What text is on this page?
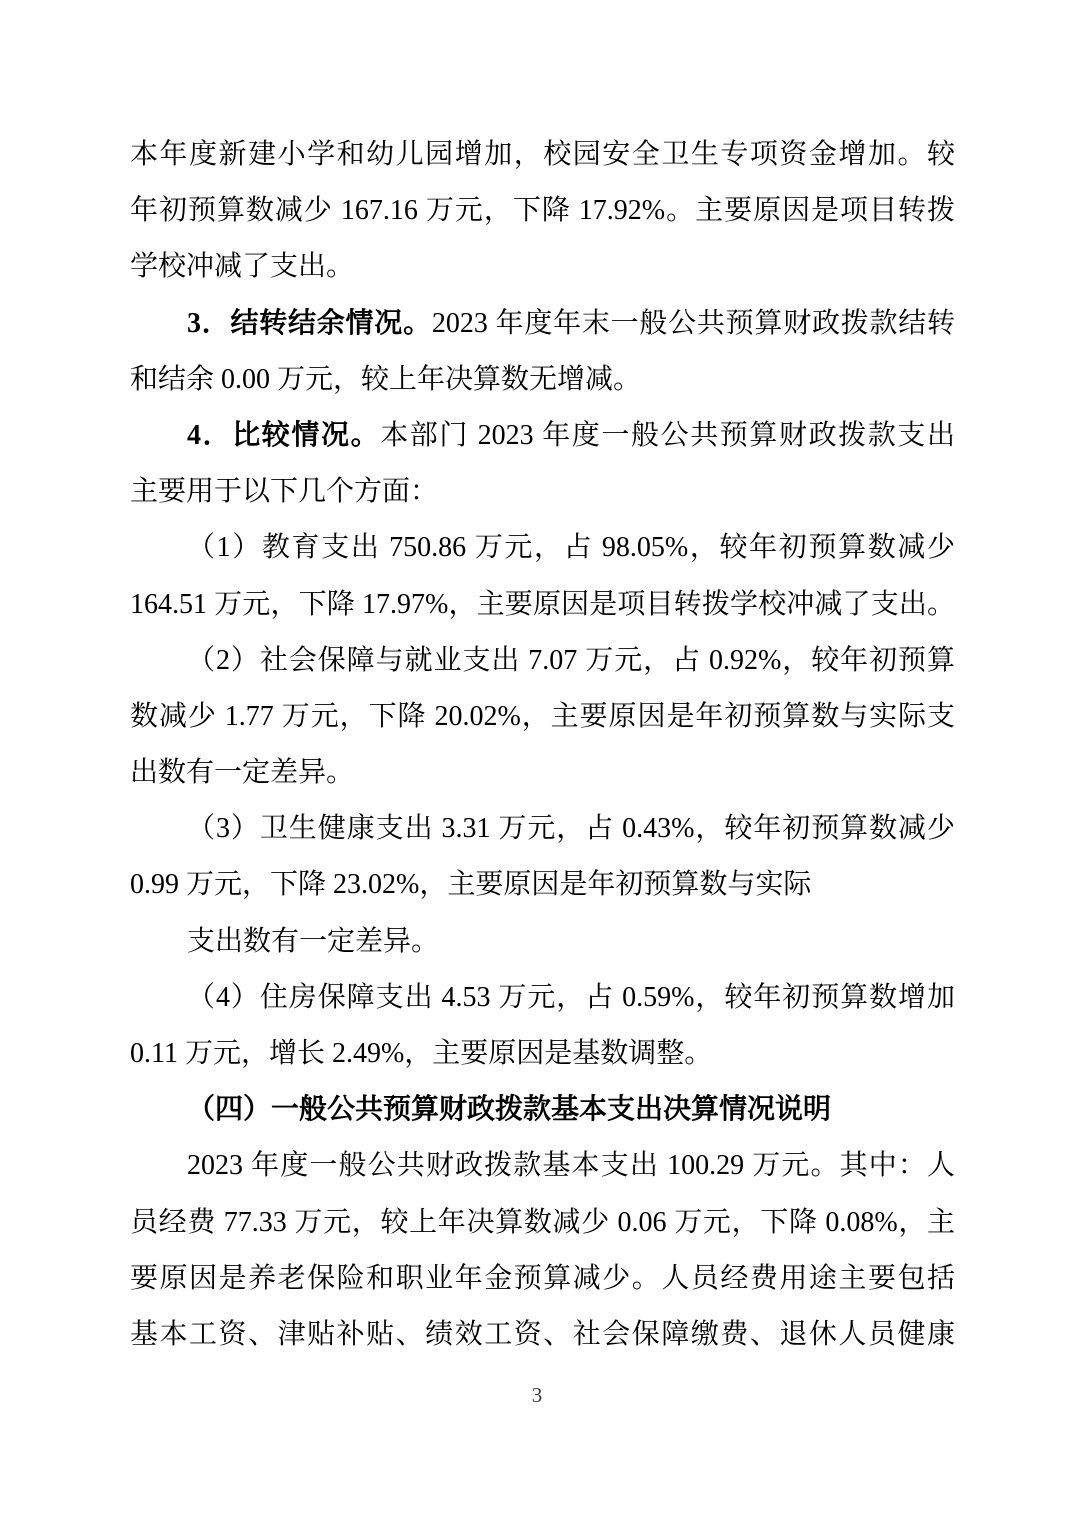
本年度新建小学和幼儿园增加，校园安全卫生专项资金增加。较
年初预算数减少 167.16 万元，下降 17.92%。主要原因是项目转拨
学校冲减了支出。
3．结转结余情况。2023 年度年末一般公共预算财政拨款结转
和结余 0.00 万元，较上年决算数无增减。
4．比较情况。本部门 2023 年度一般公共预算财政拨款支出
主要用于以下几个方面：
（1）教育支出 750.86 万元，占 98.05%，较年初预算数减少
164.51 万元，下降 17.97%，主要原因是项目转拨学校冲减了支出。
（2）社会保障与就业支出 7.07 万元，占 0.92%，较年初预算
数减少 1.77 万元，下降 20.02%，主要原因是年初预算数与实际支
出数有一定差异。
（3）卫生健康支出 3.31 万元，占 0.43%，较年初预算数减少
0.99 万元，下降 23.02%，主要原因是年初预算数与实际
支出数有一定差异。
（4）住房保障支出 4.53 万元，占 0.59%，较年初预算数增加
0.11 万元，增长 2.49%，主要原因是基数调整。
（四）一般公共预算财政拨款基本支出决算情况说明
2023 年度一般公共财政拨款基本支出 100.29 万元。其中：人
员经费 77.33 万元，较上年决算数减少 0.06 万元，下降 0.08%，主
要原因是养老保险和职业年金预算减少。人员经费用途主要包括
基本工资、津贴补贴、绩效工资、社会保障缴费、退休人员健康
3
